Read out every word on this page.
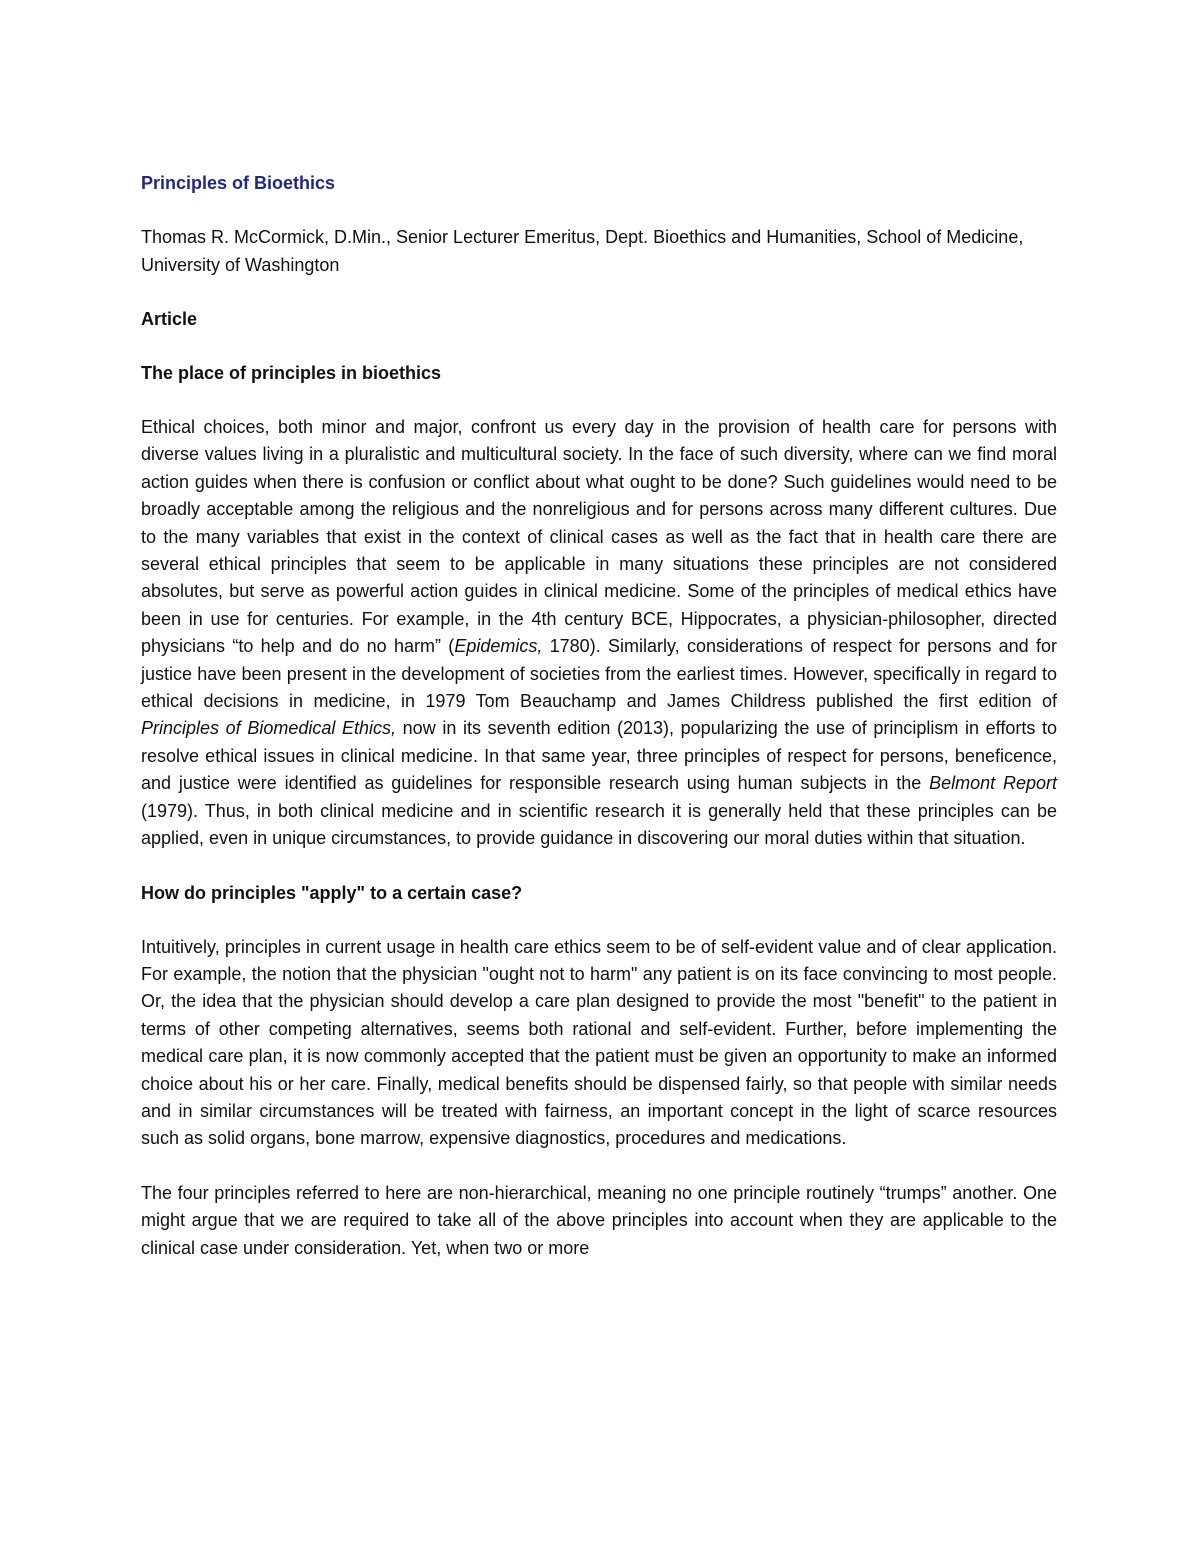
Principles of Bioethics
Thomas R. McCormick, D.Min., Senior Lecturer Emeritus, Dept. Bioethics and Humanities, School of Medicine, University of Washington
Article
The place of principles in bioethics

Ethical choices, both minor and major, confront us every day in the provision of health care for persons with diverse values living in a pluralistic and multicultural society. In the face of such diversity, where can we find moral action guides when there is confusion or conflict about what ought to be done? Such guidelines would need to be broadly acceptable among the religious and the nonreligious and for persons across many different cultures. Due to the many variables that exist in the context of clinical cases as well as the fact that in health care there are several ethical principles that seem to be applicable in many situations these principles are not considered absolutes, but serve as powerful action guides in clinical medicine. Some of the principles of medical ethics have been in use for centuries. For example, in the 4th century BCE, Hippocrates, a physician-philosopher, directed physicians “to help and do no harm” (Epidemics, 1780). Similarly, considerations of respect for persons and for justice have been present in the development of societies from the earliest times. However, specifically in regard to ethical decisions in medicine, in 1979 Tom Beauchamp and James Childress published the first edition of Principles of Biomedical Ethics, now in its seventh edition (2013), popularizing the use of principlism in efforts to resolve ethical issues in clinical medicine. In that same year, three principles of respect for persons, beneficence, and justice were identified as guidelines for responsible research using human subjects in the Belmont Report (1979). Thus, in both clinical medicine and in scientific research it is generally held that these principles can be applied, even in unique circumstances, to provide guidance in discovering our moral duties within that situation.

How do principles "apply" to a certain case?

Intuitively, principles in current usage in health care ethics seem to be of self-evident value and of clear application. For example, the notion that the physician "ought not to harm" any patient is on its face convincing to most people. Or, the idea that the physician should develop a care plan designed to provide the most "benefit" to the patient in terms of other competing alternatives, seems both rational and self-evident. Further, before implementing the medical care plan, it is now commonly accepted that the patient must be given an opportunity to make an informed choice about his or her care. Finally, medical benefits should be dispensed fairly, so that people with similar needs and in similar circumstances will be treated with fairness, an important concept in the light of scarce resources such as solid organs, bone marrow, expensive diagnostics, procedures and medications.

The four principles referred to here are non-hierarchical, meaning no one principle routinely “trumps” another. One might argue that we are required to take all of the above principles into account when they are applicable to the clinical case under consideration. Yet, when two or more
